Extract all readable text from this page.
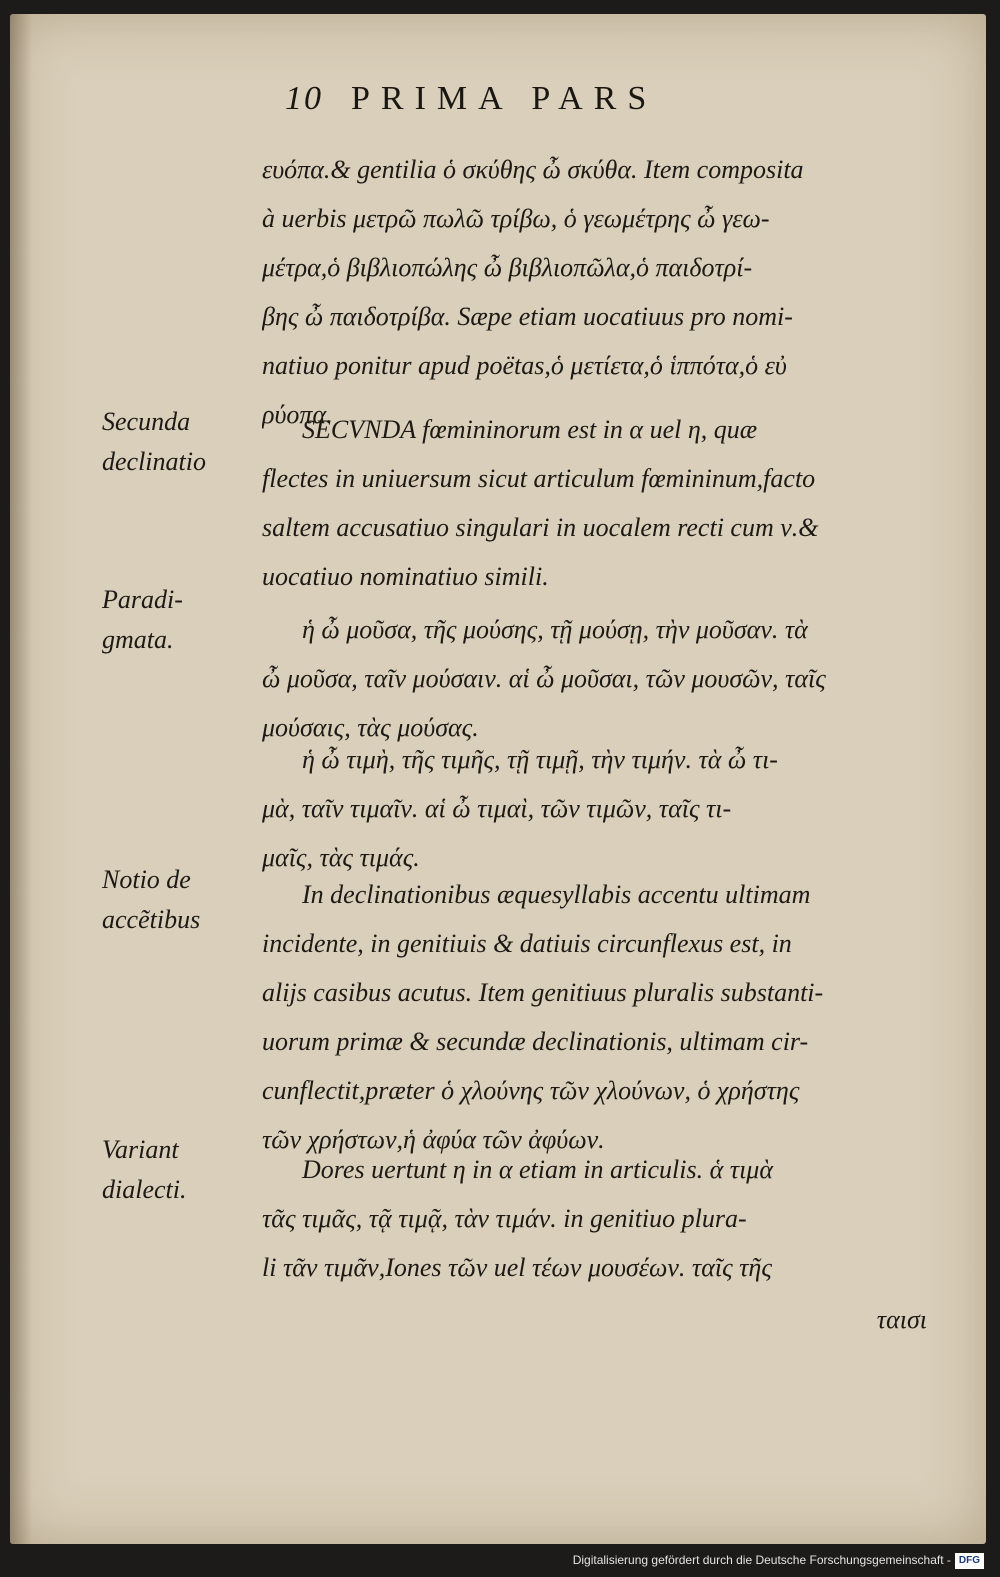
10 PRIMA PARS
ευόπα.& gentilia ὁ σκύθης ὦ σκύθα. Item composita
à uerbis μετρῶ πωλῶ τρίβω, ὁ γεωμέτρης ὦ γεω-
μέτρα,ὁ βιβλιοπώλης ὦ βιβλιοπῶλα,ὁ παιδοτρί-
βης ὦ παιδοτρίβα. Sæpe etiam uocatiuus pro nomi-
natiuo ponitur apud poëtas,ὁ μετίετα,ὁ ἱππότα,ὁ εὐ
ρύοπα.
Secunda
declinatio
SECVNDA fœmininorum est in α uel η, quæ
flectes in uniuersum sicut articulum fœmininum,facto
saltem accusatiuo singulari in uocalem recti cum ν.&
uocatiuo nominatiuo simili.
Paradi-
gmata.	ἡ ὦ μοῦσα, τῆς μούσης, τῇ μούσῃ, τὴν μοῦσαν. τὰ
ὦ μοῦσα, ταῖν μούσαιν. αἱ ὦ μοῦσαι, τῶν μουσῶν, ταῖς
μούσαις, τὰς μούσας.
ἡ ὦ τιμὴ, τῆς τιμῆς, τῇ τιμῇ, τὴν τιμήν. τὰ ὦ τι-
μὰ, ταῖν τιμαῖν. αἱ ὦ τιμαὶ, τῶν τιμῶν, ταῖς τι-
μαῖς, τὰς τιμάς.
Notio de
accẽtibus
In declinationibus æquesyllabis accentu ultimam
incidente, in genitiuis & datiuis circunflexus est, in
alijs casibus acutus. Item genitiuus pluralis substanti-
uorum primæ & secundæ declinationis, ultimam cir-
cunflectit,præter ὁ χλούνης τῶν χλούνων, ὁ χρήστης
τῶν χρήστων,ἡ ἀφύα τῶν ἀφύων.
Variant
dialecti.
Dores uertunt η in α etiam in articulis. ἁ τιμὰ
τᾶς τιμᾶς, τᾷ τιμᾷ, τὰν τιμάν. in genitiuo plura-
li τᾶν τιμᾶν,Iones τῶν uel τέων μουσέων. ταῖς τῆς
ταισι
Digitalisierung gefördert durch die Deutsche Forschungsgemeinschaft - DFG
